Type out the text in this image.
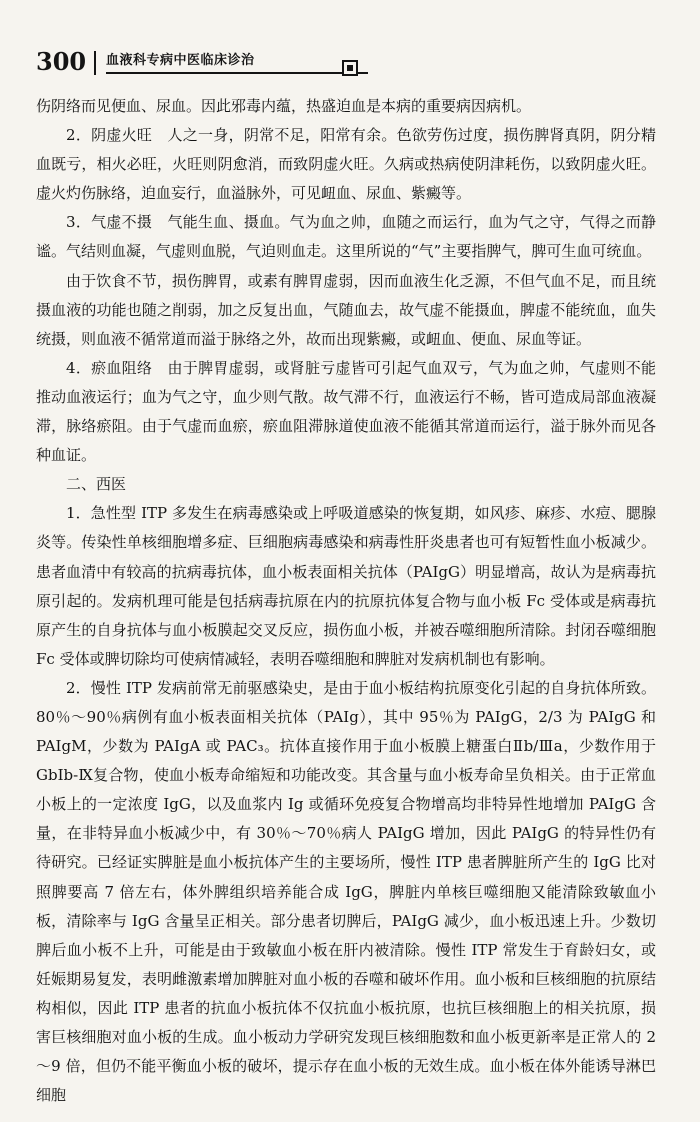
300 血液科专病中医临床诊治

伤阴络而见便血、尿血。因此邪毒内蕴，热盛迫血是本病的重要病因病机。

2．阴虚火旺 人之一身，阴常不足，阳常有余。色欲劳伤过度，损伤脾肾真阴，阴分精血既亏，相火必旺，火旺则阴愈消，而致阴虚火旺。久病或热病使阴津耗伤，以致阴虚火旺。虚火灼伤脉络，迫血妄行，血溢脉外，可见衄血、尿血、紫癜等。

3．气虚不摄 气能生血、摄血。气为血之帅，血随之而运行，血为气之守，气得之而静谧。气结则血凝，气虚则血脱，气迫则血走。这里所说的“气”主要指脾气，脾可生血可统血。

由于饮食不节，损伤脾胃，或素有脾胃虚弱，因而血液生化乏源，不但气血不足，而且统摄血液的功能也随之削弱，加之反复出血，气随血去，故气虚不能摄血，脾虚不能统血，血失统摄，则血液不循常道而溢于脉络之外，故而出现紫癜，或衄血、便血、尿血等证。

4．瘀血阻络 由于脾胃虚弱，或肾脏亏虚皆可引起气血双亏，气为血之帅，气虚则不能推动血液运行；血为气之守，血少则气散。故气滞不行，血液运行不畅，皆可造成局部血液凝滞，脉络瘀阻。由于气虚而血瘀，瘀血阻滞脉道使血液不能循其常道而运行，溢于脉外而见各种血证。

二、西医

1．急性型 ITP 多发生在病毒感染或上呼吸道感染的恢复期，如风疹、麻疹、水痘、腮腺炎等。传染性单核细胞增多症、巨细胞病毒感染和病毒性肝炎患者也可有短暂性血小板减少。患者血清中有较高的抗病毒抗体，血小板表面相关抗体（PAIgG）明显增高，故认为是病毒抗原引起的。发病机理可能是包括病毒抗原在内的抗原抗体复合物与血小板 Fc 受体或是病毒抗原产生的自身抗体与血小板膜起交叉反应，损伤血小板，并被吞噬细胞所清除。封闭吞噬细胞 Fc 受体或脾切除均可使病情减轻，表明吞噬细胞和脾脏对发病机制也有影响。

2．慢性 ITP 发病前常无前驱感染史，是由于血小板结构抗原变化引起的自身抗体所致。80％～90％病例有血小板表面相关抗体（PAIg），其中 95％为 PAIgG，2/3 为 PAIgG 和 PAIgM，少数为 PAIgA 或 PAC₃。抗体直接作用于血小板膜上糖蛋白Ⅱb/Ⅲa，少数作用于 GbIb-Ⅸ复合物，使血小板寿命缩短和功能改变。其含量与血小板寿命呈负相关。由于正常血小板上的一定浓度 IgG，以及血浆内 Ig 或循环免疫复合物增高均非特异性地增加 PAIgG 含量，在非特异血小板减少中，有 30％～70％病人 PAIgG 增加，因此 PAIgG 的特异性仍有待研究。已经证实脾脏是血小板抗体产生的主要场所，慢性 ITP 患者脾脏所产生的 IgG 比对照脾要高 7 倍左右，体外脾组织培养能合成 IgG，脾脏内单核巨噬细胞又能清除致敏血小板，清除率与 IgG 含量呈正相关。部分患者切脾后，PAIgG 减少，血小板迅速上升。少数切脾后血小板不上升，可能是由于致敏血小板在肝内被清除。慢性 ITP 常发生于育龄妇女，或妊娠期易复发，表明雌激素增加脾脏对血小板的吞噬和破坏作用。血小板和巨核细胞的抗原结构相似，因此 ITP 患者的抗血小板抗体不仅抗血小板抗原，也抗巨核细胞上的相关抗原，损害巨核细胞对血小板的生成。血小板动力学研究发现巨核细胞数和血小板更新率是正常人的 2～9 倍，但仍不能平衡血小板的破坏，提示存在血小板的无效生成。血小板在体外能诱导淋巴细胞
